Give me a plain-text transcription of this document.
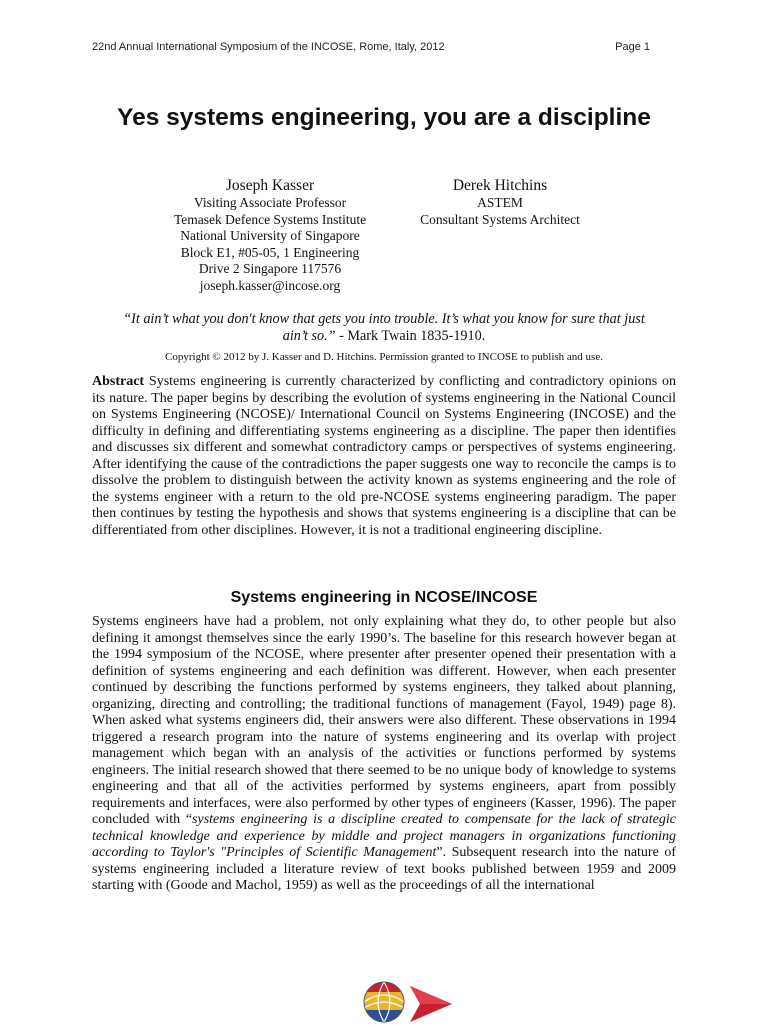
22nd Annual International Symposium of the INCOSE, Rome, Italy, 2012	Page 1
Yes systems engineering, you are a discipline
Joseph Kasser
Visiting Associate Professor
Temasek Defence Systems Institute
National University of Singapore
Block E1, #05-05, 1 Engineering
Drive 2 Singapore 117576
joseph.kasser@incose.org
Derek Hitchins
ASTEM
Consultant Systems Architect
“It ain’t what you don't know that gets you into trouble. It’s what you know for sure that just ain’t so.” - Mark Twain 1835-1910.
Copyright © 2012 by J. Kasser and D. Hitchins. Permission granted to INCOSE to publish and use.
Abstract Systems engineering is currently characterized by conflicting and contradictory opinions on its nature. The paper begins by describing the evolution of systems engineering in the National Council on Systems Engineering (NCOSE)/ International Council on Systems Engineering (INCOSE) and the difficulty in defining and differentiating systems engineering as a discipline. The paper then identifies and discusses six different and somewhat contradictory camps or perspectives of systems engineering. After identifying the cause of the contradictions the paper suggests one way to reconcile the camps is to dissolve the problem to distinguish between the activity known as systems engineering and the role of the systems engineer with a return to the old pre-NCOSE systems engineering paradigm. The paper then continues by testing the hypothesis and shows that systems engineering is a discipline that can be differentiated from other disciplines. However, it is not a traditional engineering discipline.
Systems engineering in NCOSE/INCOSE
Systems engineers have had a problem, not only explaining what they do, to other people but also defining it amongst themselves since the early 1990’s. The baseline for this research however began at the 1994 symposium of the NCOSE, where presenter after presenter opened their presentation with a definition of systems engineering and each definition was different. However, when each presenter continued by describing the functions performed by systems engineers, they talked about planning, organizing, directing and controlling; the traditional functions of management (Fayol, 1949) page 8). When asked what systems engineers did, their answers were also different. These observations in 1994 triggered a research program into the nature of systems engineering and its overlap with project management which began with an analysis of the activities or functions performed by systems engineers. The initial research showed that there seemed to be no unique body of knowledge to systems engineering and that all of the activities performed by systems engineers, apart from possibly requirements and interfaces, were also performed by other types of engineers (Kasser, 1996). The paper concluded with “systems engineering is a discipline created to compensate for the lack of strategic technical knowledge and experience by middle and project managers in organizations functioning according to Taylor's "Principles of Scientific Management”. Subsequent research into the nature of systems engineering included a literature review of text books published between 1959 and 2009 starting with (Goode and Machol, 1959) as well as the proceedings of all the international
